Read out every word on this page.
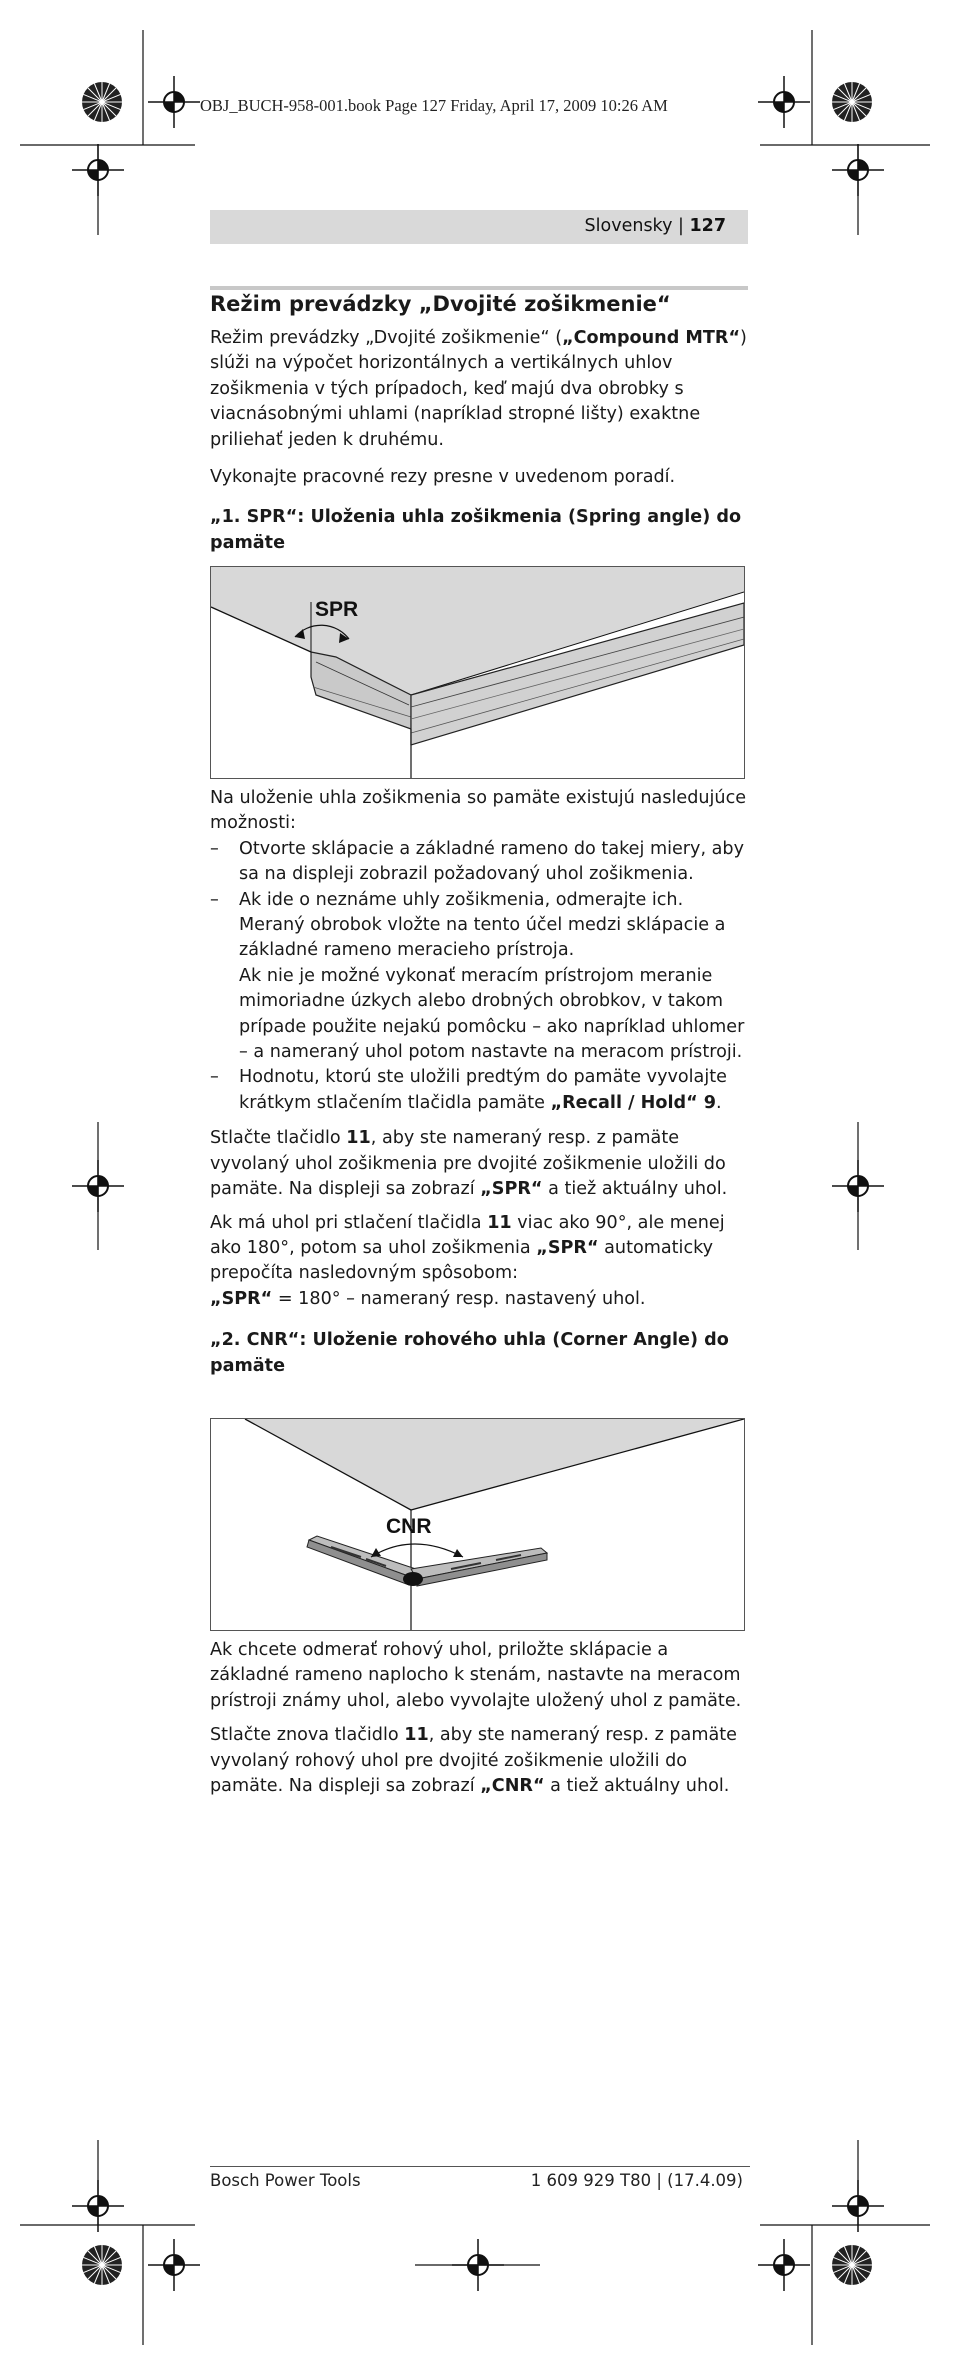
OBJ_BUCH-958-001.book Page 127 Friday, April 17, 2009 10:26 AM
Slovensky | 127
Režim prevádzky „Dvojité zošikmenie“

Režim prevádzky „Dvojité zošikmenie“ („Compound MTR“) slúži na výpočet horizontálnych a vertikálnych uhlov zošikmenia v tých prípadoch, keď majú dva obrobky s viacnásobnými uhlami (napríklad stropné lišty) exaktne priliehať jeden k druhému.

Vykonajte pracovné rezy presne v uvedenom poradí.

„1. SPR“: Uloženia uhla zošikmenia (Spring angle) do pamäte
SPR

Na uloženie uhla zošikmenia so pamäte existujú nasledujúce možnosti:

– Otvorte sklápacie a základné rameno do takej miery, aby sa na displeji zobrazil požadovaný uhol zošikmenia.
– Ak ide o neznáme uhly zošikmenia, odmerajte ich. Meraný obrobok vložte na tento účel medzi sklápacie a základné rameno meracieho prístroja.
Ak nie je možné vykonať meracím prístrojom meranie mimoriadne úzkych alebo drobných obrobkov, v takom prípade použite nejakú pomôcku – ako napríklad uhlomer – a nameraný uhol potom nastavte na meracom prístroji.
– Hodnotu, ktorú ste uložili predtým do pamäte vyvolajte krátkym stlačením tlačidla pamäte „Recall / Hold“ 9.

Stlačte tlačidlo 11, aby ste nameraný resp. z pamäte vyvolaný uhol zošikmenia pre dvojité zošikmenie uložili do pamäte. Na displeji sa zobrazí „SPR“ a tiež aktuálny uhol.

Ak má uhol pri stlačení tlačidla 11 viac ako 90°, ale menej ako 180°, potom sa uhol zošikmenia „SPR“ automaticky prepočíta nasledovným spôsobom:
„SPR“ = 180° – nameraný resp. nastavený uhol.

„2. CNR“: Uloženie rohového uhla (Corner Angle) do pamäte
CNR

Ak chcete odmerať rohový uhol, priložte sklápacie a základné rameno naplocho k stenám, nastavte na meracom prístroji známy uhol, alebo vyvolajte uložený uhol z pamäte.

Stlačte znova tlačidlo 11, aby ste nameraný resp. z pamäte vyvolaný rohový uhol pre dvojité zošikmenie uložili do pamäte. Na displeji sa zobrazí „CNR“ a tiež aktuálny uhol.

Bosch Power Tools	1 609 929 T80 | (17.4.09)
